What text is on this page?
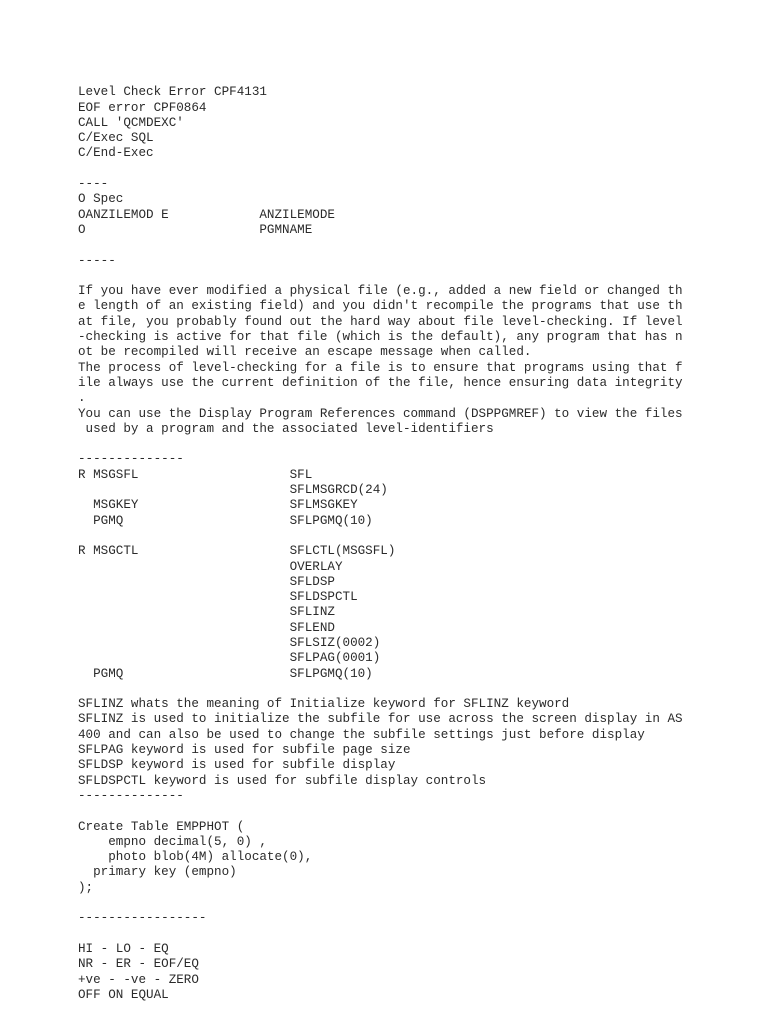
Level Check Error CPF4131
EOF error CPF0864
CALL 'QCMDEXC'
C/Exec SQL
C/End-Exec
----
O Spec
OANZILEMOD E            ANZILEMODE
O                       PGMNAME
-----
If you have ever modified a physical file (e.g., added a new field or changed th
e length of an existing field) and you didn't recompile the programs that use th
at file, you probably found out the hard way about file level-checking. If level
-checking is active for that file (which is the default), any program that has n
ot be recompiled will receive an escape message when called.
The process of level-checking for a file is to ensure that programs using that f
ile always use the current definition of the file, hence ensuring data integrity
.
You can use the Display Program References command (DSPPGMREF) to view the files
used by a program and the associated level-identifiers
--------------
R MSGSFL                    SFL
SFLMSGRCD(24)
MSGKEY                    SFLMSGKEY
PGMQ                      SFLPGMQ(10)
R MSGCTL                    SFLCTL(MSGSFL)
OVERLAY
SFLDSP
SFLDSPCTL
SFLINZ
SFLEND
SFLSIZ(0002)
SFLPAG(0001)
PGMQ                      SFLPGMQ(10)
SFLINZ whats the meaning of Initialize keyword for SFLINZ keyword
SFLINZ is used to initialize the subfile for use across the screen display in AS
400 and can also be used to change the subfile settings just before display
SFLPAG keyword is used for subfile page size
SFLDSP keyword is used for subfile display
SFLDSPCTL keyword is used for subfile display controls
--------------
Create Table EMPPHOT (
empno decimal(5, 0) ,
photo blob(4M) allocate(0),
primary key (empno)
);
-----------------
HI - LO - EQ
NR - ER - EOF/EQ
+ve - -ve - ZERO
OFF ON EQUAL
